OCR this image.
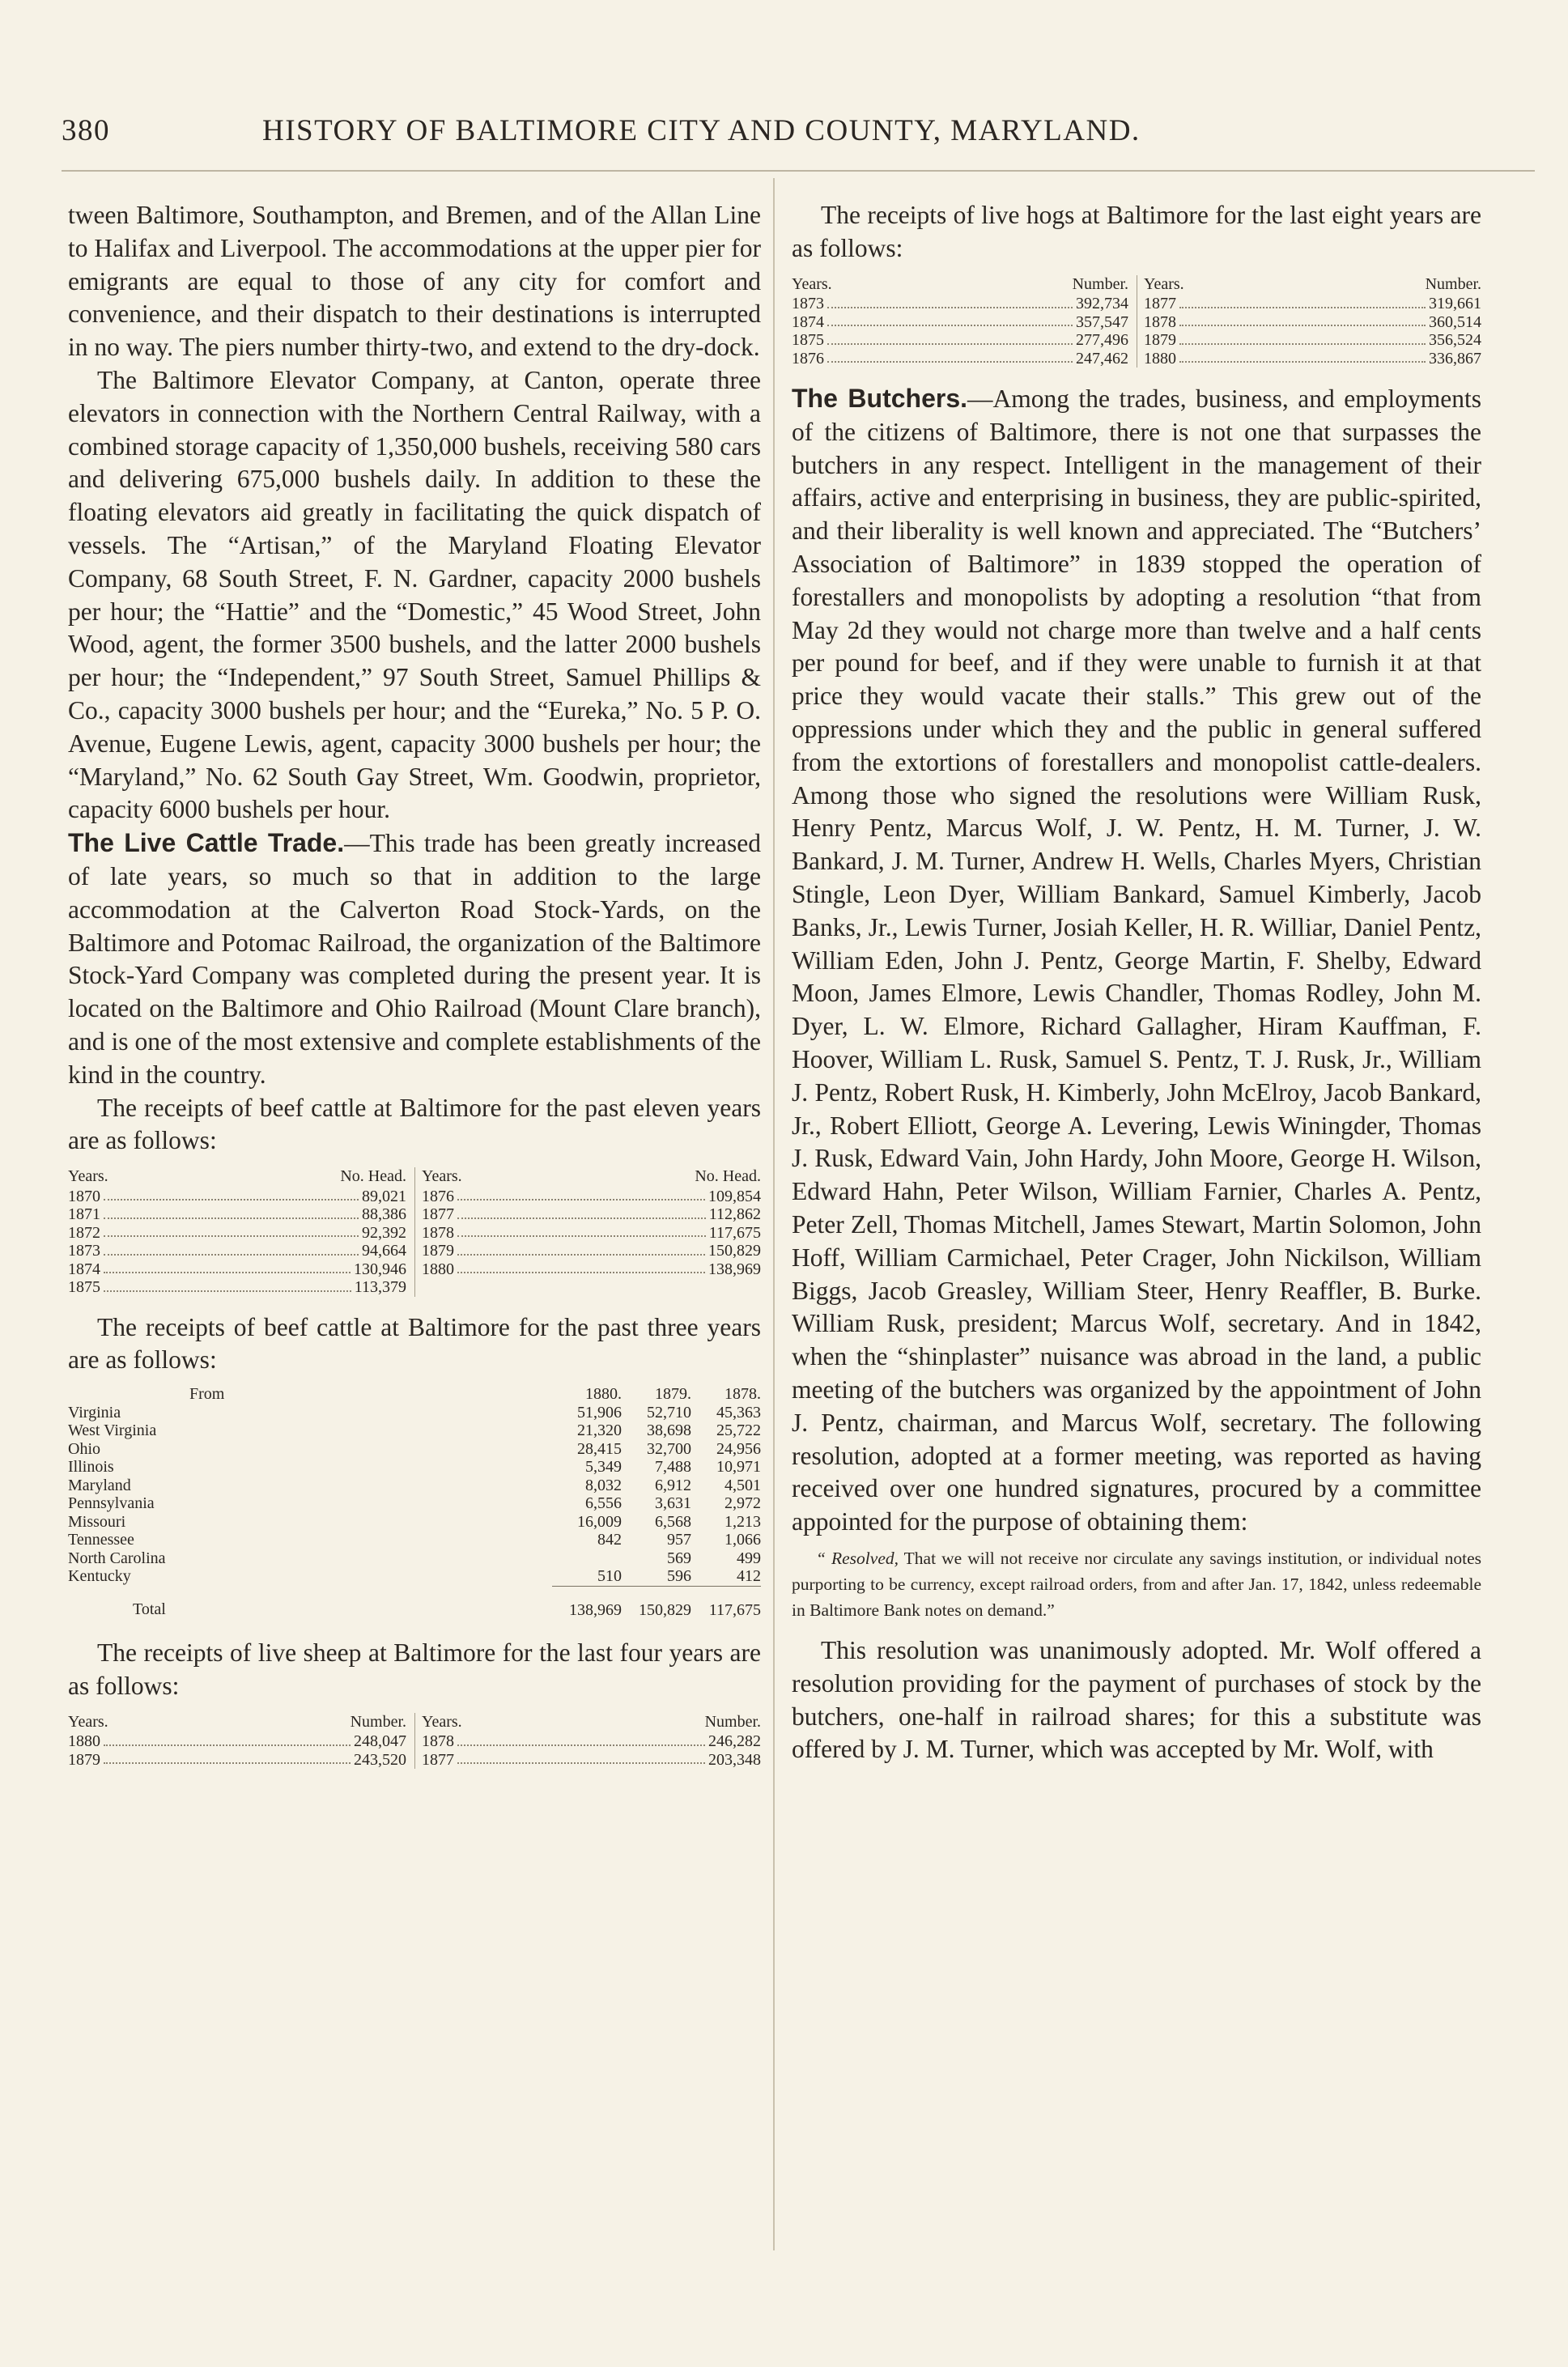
380	HISTORY OF BALTIMORE CITY AND COUNTY, MARYLAND.

tween Baltimore, Southampton, and Bremen, and of the Allan Line to Halifax and Liverpool. The accommodations at the upper pier for emigrants are equal to those of any city for comfort and convenience, and their dispatch to their destinations is interrupted in no way. The piers number thirty-two, and extend to the dry-dock.

The Baltimore Elevator Company, at Canton, operate three elevators in connection with the Northern Central Railway, with a combined storage capacity of 1,350,000 bushels, receiving 580 cars and delivering 675,000 bushels daily. In addition to these the floating elevators aid greatly in facilitating the quick dispatch of vessels. The “Artisan,” of the Maryland Floating Elevator Company, 68 South Street, F. N. Gardner, capacity 2000 bushels per hour; the “Hattie” and the “Domestic,” 45 Wood Street, John Wood, agent, the former 3500 bushels, and the latter 2000 bushels per hour; the “Independent,” 97 South Street, Samuel Phillips & Co., capacity 3000 bushels per hour; and the “Eureka,” No. 5 P. O. Avenue, Eugene Lewis, agent, capacity 3000 bushels per hour; the “Maryland,” No. 62 South Gay Street, Wm. Goodwin, proprietor, capacity 6000 bushels per hour.

The Live Cattle Trade.—This trade has been greatly increased of late years, so much so that in addition to the large accommodation at the Calverton Road Stock-Yards, on the Baltimore and Potomac Railroad, the organization of the Baltimore Stock-Yard Company was completed during the present year. It is located on the Baltimore and Ohio Railroad (Mount Clare branch), and is one of the most extensive and complete establishments of the kind in the country.

The receipts of beef cattle at Baltimore for the past eleven years are as follows:

Years.	No. Head.
1870	89,021
1871	88,386
1872	92,392
1873	94,664
1874	130,946
1875	113,379
Years.	No. Head.
1876	109,854
1877	112,862
1878	117,675
1879	150,829
1880	138,969

The receipts of beef cattle at Baltimore for the past three years are as follows:

From	1880.	1879.	1878.
Virginia	51,906	52,710	45,363
West Virginia	21,320	38,698	25,722
Ohio	28,415	32,700	24,956
Illinois	5,349	7,488	10,971
Maryland	8,032	6,912	4,501
Pennsylvania	6,556	3,631	2,972
Missouri	16,009	6,568	1,213
Tennessee	842	957	1,066
North Carolina		569	499
Kentucky	510	596	412
Total	138,969	150,829	117,675

The receipts of live sheep at Baltimore for the last four years are as follows:

Years.	Number.
1880	248,047
1879	243,520
Years.	Number.
1878	246,282
1877	203,348

The receipts of live hogs at Baltimore for the last eight years are as follows:

Years.	Number.
1873	392,734
1874	357,547
1875	277,496
1876	247,462
Years.	Number.
1877	319,661
1878	360,514
1879	356,524
1880	336,867

The Butchers.—Among the trades, business, and employments of the citizens of Baltimore, there is not one that surpasses the butchers in any respect. Intelligent in the management of their affairs, active and enterprising in business, they are public-spirited, and their liberality is well known and appreciated. The “Butchers’ Association of Baltimore” in 1839 stopped the operation of forestallers and monopolists by adopting a resolution “that from May 2d they would not charge more than twelve and a half cents per pound for beef, and if they were unable to furnish it at that price they would vacate their stalls.” This grew out of the oppressions under which they and the public in general suffered from the extortions of forestallers and monopolist cattle-dealers. Among those who signed the resolutions were William Rusk, Henry Pentz, Marcus Wolf, J. W. Pentz, H. M. Turner, J. W. Bankard, J. M. Turner, Andrew H. Wells, Charles Myers, Christian Stingle, Leon Dyer, William Bankard, Samuel Kimberly, Jacob Banks, Jr., Lewis Turner, Josiah Keller, H. R. Williar, Daniel Pentz, William Eden, John J. Pentz, George Martin, F. Shelby, Edward Moon, James Elmore, Lewis Chandler, Thomas Rodley, John M. Dyer, L. W. Elmore, Richard Gallagher, Hiram Kauffman, F. Hoover, William L. Rusk, Samuel S. Pentz, T. J. Rusk, Jr., William J. Pentz, Robert Rusk, H. Kimberly, John McElroy, Jacob Bankard, Jr., Robert Elliott, George A. Levering, Lewis Winingder, Thomas J. Rusk, Edward Vain, John Hardy, John Moore, George H. Wilson, Edward Hahn, Peter Wilson, William Farnier, Charles A. Pentz, Peter Zell, Thomas Mitchell, James Stewart, Martin Solomon, John Hoff, William Carmichael, Peter Crager, John Nickilson, William Biggs, Jacob Greasley, William Steer, Henry Reaffler, B. Burke. William Rusk, president; Marcus Wolf, secretary. And in 1842, when the “shinplaster” nuisance was abroad in the land, a public meeting of the butchers was organized by the appointment of John J. Pentz, chairman, and Marcus Wolf, secretary. The following resolution, adopted at a former meeting, was reported as having received over one hundred signatures, procured by a committee appointed for the purpose of obtaining them:

“ Resolved, That we will not receive nor circulate any savings institution, or individual notes purporting to be currency, except railroad orders, from and after Jan. 17, 1842, unless redeemable in Baltimore Bank notes on demand.”

This resolution was unanimously adopted. Mr. Wolf offered a resolution providing for the payment of purchases of stock by the butchers, one-half in railroad shares; for this a substitute was offered by J. M. Turner, which was accepted by Mr. Wolf, with
